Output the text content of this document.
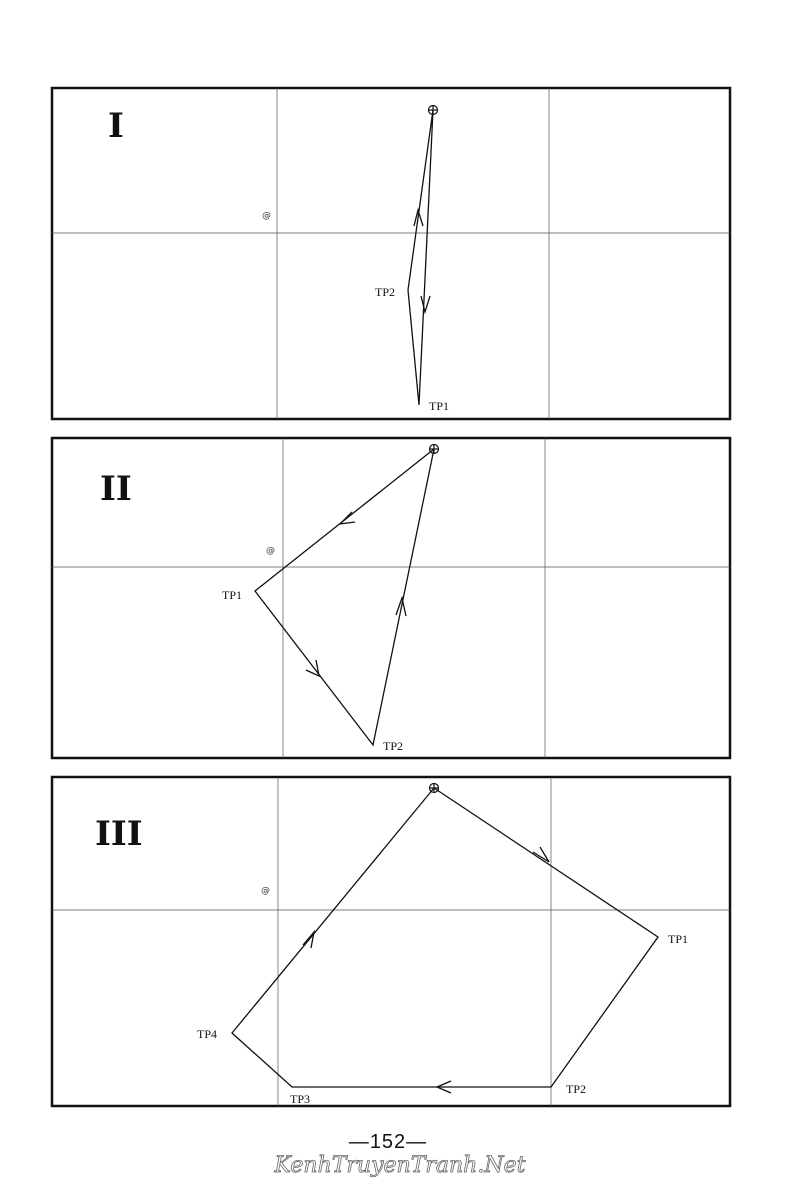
I
@
TP2
TP1
II
@
TP1
TP2
III
@
TP1
TP2
TP3
TP4
—152—
KenhTruyenTranh.Net
